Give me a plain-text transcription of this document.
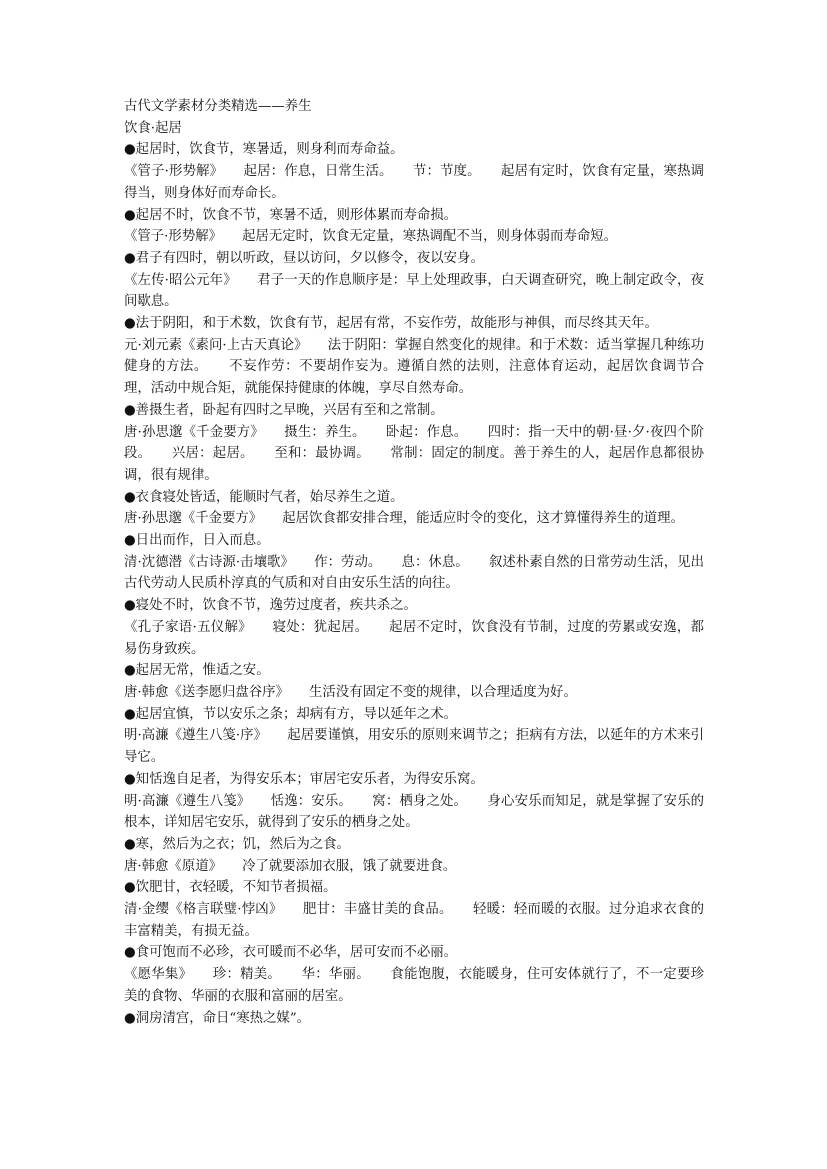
古代文学素材分类精选——养生

饮食·起居

●起居时，饮食节，寒暑适，则身利而寿命益。

《管子·形势解》　　起居：作息，日常生活。　　节：节度。　　起居有定时，饮食有定量，寒热调得当，则身体好而寿命长。

●起居不时，饮食不节，寒暑不适，则形体累而寿命损。

《管子·形势解》　　起居无定时，饮食无定量，寒热调配不当，则身体弱而寿命短。

●君子有四时，朝以听政，昼以访问，夕以修令，夜以安身。

《左传·昭公元年》　　君子一天的作息顺序是：早上处理政事，白天调查研究，晚上制定政令，夜间歇息。

●法于阴阳，和于术数，饮食有节，起居有常，不妄作劳，故能形与神俱，而尽终其天年。

元·刘元素《素问·上古天真论》　　法于阴阳：掌握自然变化的规律。和于术数：适当掌握几种练功健身的方法。　　不妄作劳：不要胡作妄为。遵循自然的法则，注意体育运动，起居饮食调节合理，活动中规合矩，就能保持健康的体魄，享尽自然寿命。

●善摄生者，卧起有四时之早晚，兴居有至和之常制。

唐·孙思邈《千金要方》　　摄生：养生。　　卧起：作息。　　四时：指一天中的朝·昼·夕·夜四个阶段。　　兴居：起居。　　至和：最协调。　　常制：固定的制度。善于养生的人，起居作息都很协调，很有规律。

●衣食寝处皆适，能顺时气者，始尽养生之道。

唐·孙思邈《千金要方》　　起居饮食都安排合理，能适应时令的变化，这才算懂得养生的道理。

●日出而作，日入而息。

清·沈德潜《古诗源·击壤歌》　　作：劳动。　　息：休息。　　叙述朴素自然的日常劳动生活，见出古代劳动人民质朴淳真的气质和对自由安乐生活的向往。

●寝处不时，饮食不节，逸劳过度者，疾共杀之。

《孔子家语·五仪解》　　寝处：犹起居。　　起居不定时，饮食没有节制，过度的劳累或安逸，都易伤身致疾。

●起居无常，惟适之安。

唐·韩愈《送李愿归盘谷序》　　生活没有固定不变的规律，以合理适度为好。

●起居宜慎，节以安乐之条；却病有方，导以延年之术。

明·高濂《遵生八笺·序》　　起居要谨慎，用安乐的原则来调节之；拒病有方法，以延年的方术来引导它。

●知恬逸自足者，为得安乐本；审居宅安乐者，为得安乐窝。

明·高濂《遵生八笺》　　恬逸：安乐。　　窝：栖身之处。　　身心安乐而知足，就是掌握了安乐的根本，详知居宅安乐，就得到了安乐的栖身之处。

●寒，然后为之衣；饥，然后为之食。

唐·韩愈《原道》　　冷了就要添加衣服，饿了就要进食。

●饮肥甘，衣轻暖，不知节者损福。

清·金缨《格言联璧·悖凶》　　肥甘：丰盛甘美的食品。　　轻暖：轻而暖的衣服。过分追求衣食的丰富精美，有损无益。

●食可饱而不必珍，衣可暖而不必华，居可安而不必丽。

《愿华集》　　珍：精美。　　华：华丽。　　食能饱腹，衣能暖身，住可安体就行了，不一定要珍美的食物、华丽的衣服和富丽的居室。

●洞房清宫，命日“寒热之媒”。
